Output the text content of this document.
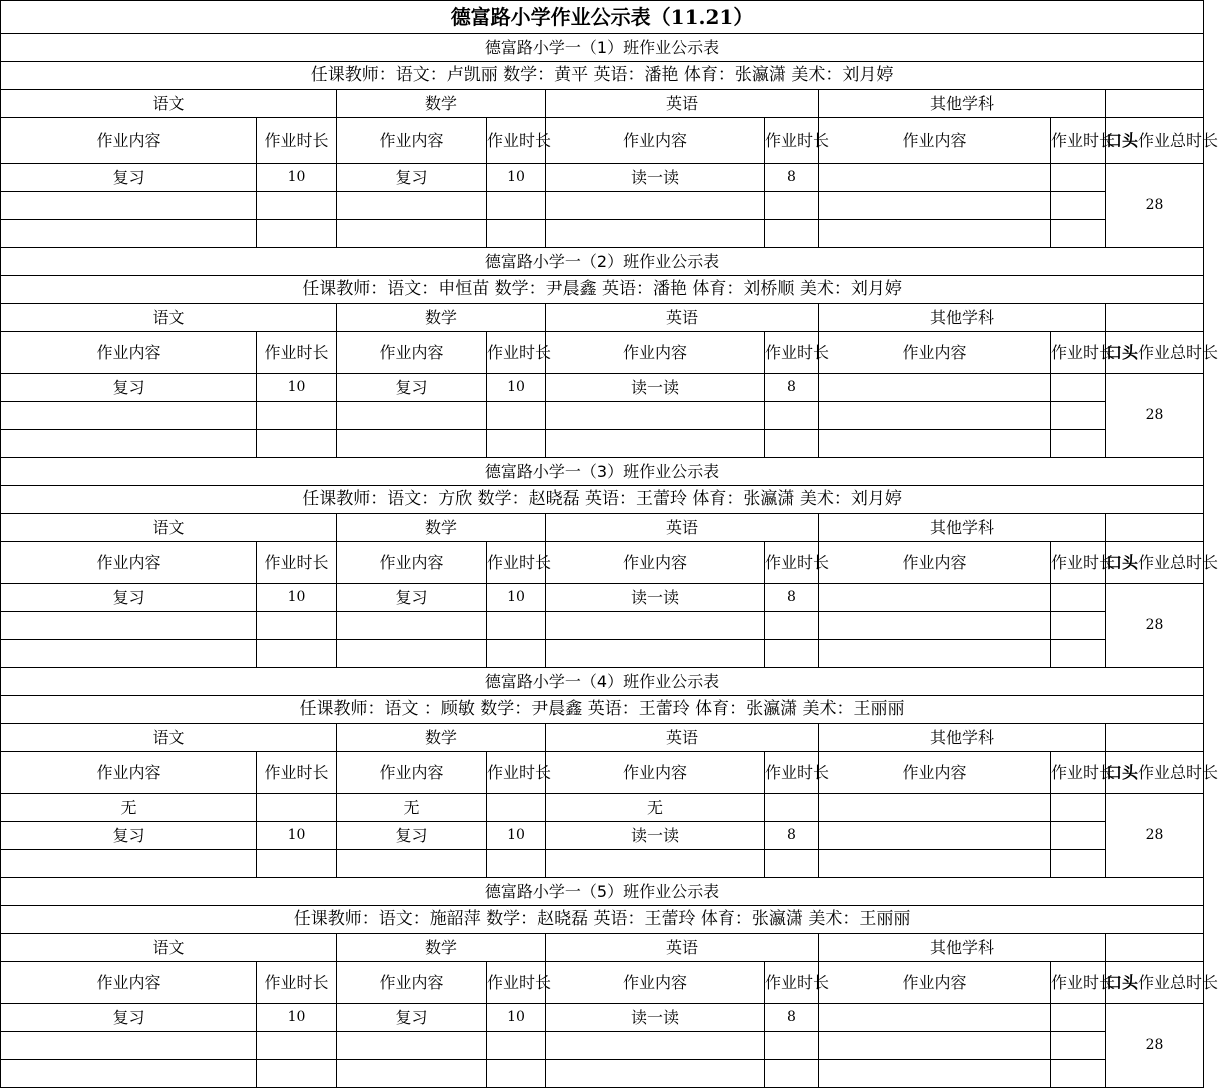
德富路小学作业公示表（11.21）								
德富路小学一（1）班作业公示表								
任课教师：语文：卢凯丽 数学：黄平 英语：潘艳 体育：张瀛潇 美术：刘月婷								
语文		数学		英语		其他学科		
作业内容	作业时长	作业内容	作业时长	作业内容	作业时长	作业内容	作业时长	口头作业总时长
复习	10	复习	10	读一读	8			28

德富路小学一（2）班作业公示表								
任课教师：语文：申恒苗 数学：尹晨鑫 英语：潘艳 体育：刘桥顺 美术：刘月婷								
语文		数学		英语		其他学科		
作业内容	作业时长	作业内容	作业时长	作业内容	作业时长	作业内容	作业时长	口头作业总时长
复习	10	复习	10	读一读	8			28

德富路小学一（3）班作业公示表								
任课教师：语文：方欣 数学：赵晓磊 英语：王蕾玲 体育：张瀛潇 美术：刘月婷								
语文		数学		英语		其他学科		
作业内容	作业时长	作业内容	作业时长	作业内容	作业时长	作业内容	作业时长	口头作业总时长
复习	10	复习	10	读一读	8			28

德富路小学一（4）班作业公示表								
任课教师：语文 ：顾敏 数学：尹晨鑫 英语：王蕾玲 体育：张瀛潇 美术：王丽丽								
语文		数学		英语		其他学科		
作业内容	作业时长	作业内容	作业时长	作业内容	作业时长	作业内容	作业时长	口头作业总时长
无		无		无				28
复习	10	复习	10	读一读	8			

德富路小学一（5）班作业公示表								
任课教师：语文：施韶萍 数学：赵晓磊 英语：王蕾玲 体育：张瀛潇 美术：王丽丽								
语文		数学		英语		其他学科		
作业内容	作业时长	作业内容	作业时长	作业内容	作业时长	作业内容	作业时长	口头作业总时长
复习	10	复习	10	读一读	8			28
